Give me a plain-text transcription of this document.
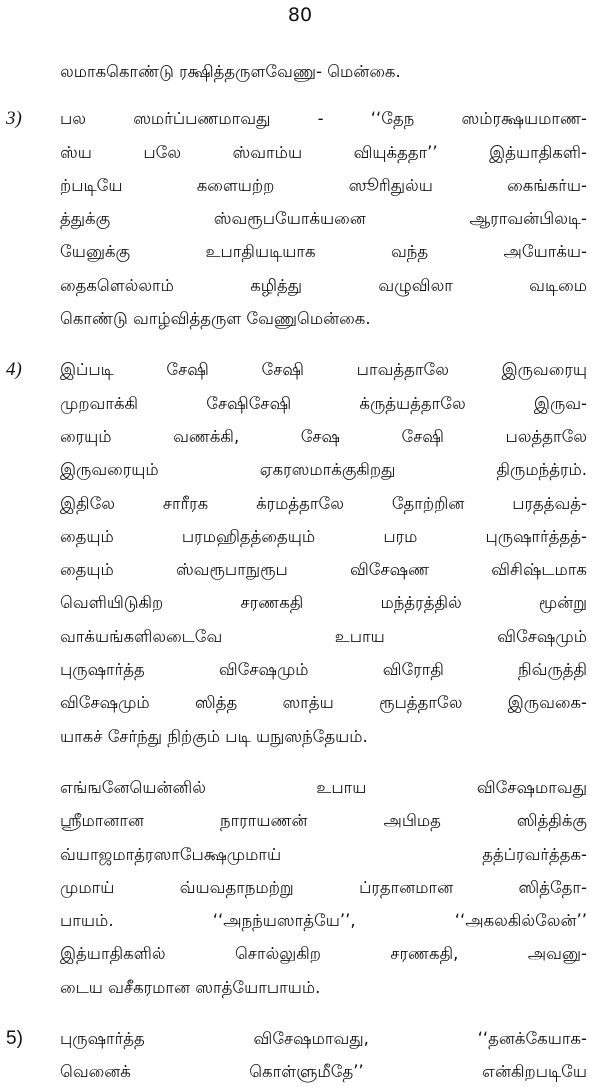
80
லமாககொண்டு ரக்ஷித்தருளவேணு- மென்கை.
3) பல ஸமர்ப்பணமாவது - ‘‘தேந ஸம்ரக்ஷயமாண-
ஸ்ய பலே ஸ்வாம்ய வியுக்ததா’’ இத்யாதிகளி-
ற்படியே களையற்ற ஸூரிதுல்ய கைங்கர்ய-
த்துக்கு ஸ்வரூபயோக்யனை ஆராவன்பிலடி-
யேனுக்கு உபாதியடியாக வந்த அயோக்ய-
தைகளெல்லாம் கழித்து வழுவிலா வடிமை
கொண்டு வாழ்வித்தருள வேணுமென்கை.
4) இப்படி சேஷி சேஷி பாவத்தாலே இருவரையு
முறவாக்கி சேஷிசேஷி க்ருத்யத்தாலே இருவ-
ரையும் வணக்கி, சேஷ சேஷி பலத்தாலே
இருவரையும் ஏகரஸமாக்குகிறது திருமந்த்ரம்.
இதிலே சாரீரக க்ரமத்தாலே தோற்றின பரதத்வத்-
தையும் பரமஹிதத்தையும் பரம புருஷார்த்தத்-
தையும் ஸ்வரூபாநுரூப விசேஷண விசிஷ்டமாக
வெளியிடுகிற சரணகதி மந்த்ரத்தில் மூன்று
வாக்யங்களிலடைவே உபாய விசேஷமும்
புருஷார்த்த விசேஷமும் விரோதி நிவ்ருத்தி
விசேஷமும் ஸித்த ஸாத்ய ரூபத்தாலே இருவகை-
யாகச் சேர்ந்து நிற்கும் படி யநுஸந்தேயம்.
எங்ஙனேயென்னில் உபாய விசேஷமாவது
ஸ்ரீமானான நாராயணன் அபிமத ஸித்திக்கு
வ்யாஜமாத்ரஸாபேக்ஷமுமாய் தத்ப்ரவர்த்தக-
முமாய் வ்யவதாநமற்று ப்ரதானமான ஸித்தோ-
பாயம். ‘‘அநந்யஸாத்யே’’, ‘‘அகலகில்லேன்’’
இத்யாதிகளில் சொல்லுகிற சரணகதி, அவனு-
டைய வசீகரமான ஸாத்யோபாயம்.
5) புருஷார்த்த விசேஷமாவது, ‘‘தனக்கேயாக-
வெனைக் கொள்ளுமீதே’’ என்கிறபடியே
